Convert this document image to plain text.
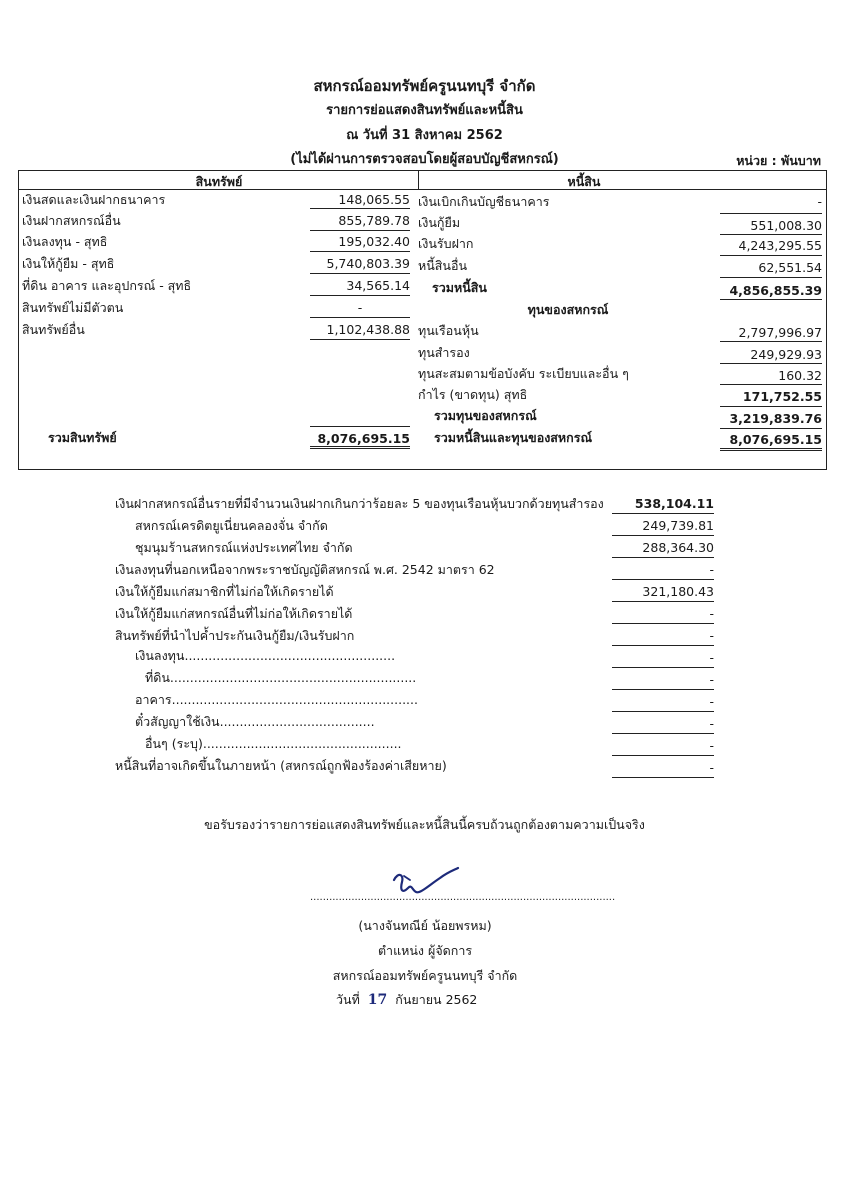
สหกรณ์ออมทรัพย์ครูนนทบุรี จำกัด
รายการย่อแสดงสินทรัพย์และหนี้สิน
ณ วันที่ 31 สิงหาคม 2562
(ไม่ได้ผ่านการตรวจสอบโดยผู้สอบบัญชีสหกรณ์)	หน่วย : พันบาท
สินทรัพย์	หนี้สิน
เงินสดและเงินฝากธนาคาร	148,065.55
เงินฝากสหกรณ์อื่น	855,789.78
เงินลงทุน - สุทธิ	195,032.40
เงินให้กู้ยืม - สุทธิ	5,740,803.39
ที่ดิน อาคาร และอุปกรณ์ - สุทธิ	34,565.14
สินทรัพย์ไม่มีตัวตน	-
สินทรัพย์อื่น	1,102,438.88
รวมสินทรัพย์	8,076,695.15
เงินเบิกเกินบัญชีธนาคาร	-
เงินกู้ยืม	551,008.30
เงินรับฝาก	4,243,295.55
หนี้สินอื่น	62,551.54
รวมหนี้สิน	4,856,855.39
ทุนของสหกรณ์
ทุนเรือนหุ้น	2,797,996.97
ทุนสำรอง	249,929.93
ทุนสะสมตามข้อบังคับ ระเบียบและอื่น ๆ	160.32
กำไร (ขาดทุน) สุทธิ	171,752.55
รวมทุนของสหกรณ์	3,219,839.76
รวมหนี้สินและทุนของสหกรณ์	8,076,695.15
เงินฝากสหกรณ์อื่นรายที่มีจำนวนเงินฝากเกินกว่าร้อยละ 5 ของทุนเรือนหุ้นบวกด้วยทุนสำรอง	538,104.11
สหกรณ์เครดิตยูเนี่ยนคลองจั่น จำกัด	249,739.81
ชุมนุมร้านสหกรณ์แห่งประเทศไทย จำกัด	288,364.30
เงินลงทุนที่นอกเหนือจากพระราชบัญญัติสหกรณ์ พ.ศ. 2542 มาตรา 62	-
เงินให้กู้ยืมแก่สมาชิกที่ไม่ก่อให้เกิดรายได้	321,180.43
เงินให้กู้ยืมแก่สหกรณ์อื่นที่ไม่ก่อให้เกิดรายได้	-
สินทรัพย์ที่นำไปค้ำประกันเงินกู้ยืม/เงินรับฝาก	-
เงินลงทุน.....................................................	-
ที่ดิน..............................................................	-
อาคาร..............................................................	-
ตั๋วสัญญาใช้เงิน.......................................	-
อื่นๆ (ระบุ)..................................................	-
หนี้สินที่อาจเกิดขึ้นในภายหน้า (สหกรณ์ถูกฟ้องร้องค่าเสียหาย)	-
ขอรับรองว่ารายการย่อแสดงสินทรัพย์และหนี้สินนี้ครบถ้วนถูกต้องตามความเป็นจริง
................................................................................................
(นางจันทณีย์ น้อยพรหม)
ตำแหน่ง ผู้จัดการ
สหกรณ์ออมทรัพย์ครูนนทบุรี จำกัด
วันที่ 17 กันยายน 2562
